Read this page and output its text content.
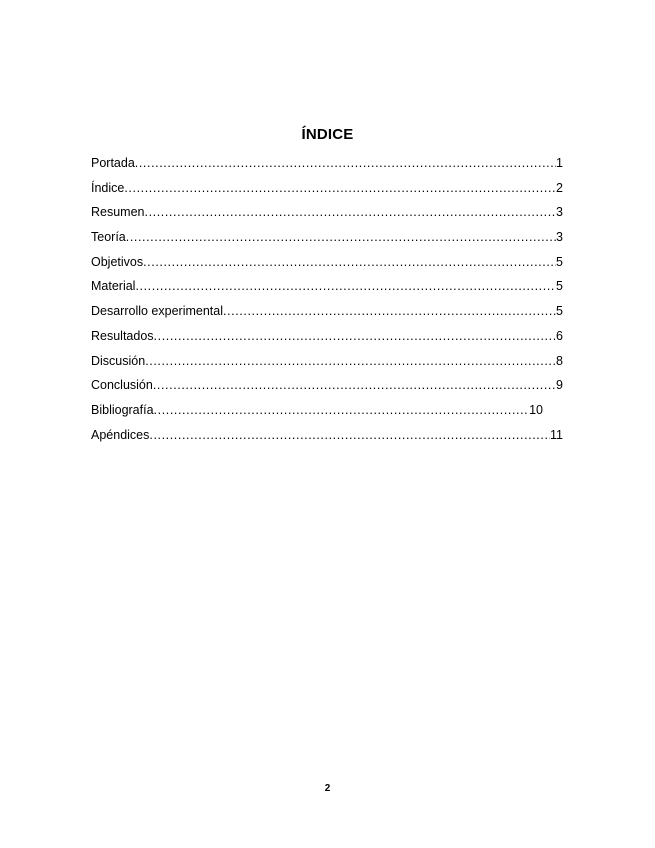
ÍNDICE
Portada .....	1
Índice .....	2
Resumen .....	3
Teoría .....	3
Objetivos .....	5
Material .....	5
Desarrollo experimental .....	5
Resultados .....	6
Discusión .....	8
Conclusión .....	9
Bibliografía .....	10
Apéndices .....	11
2
